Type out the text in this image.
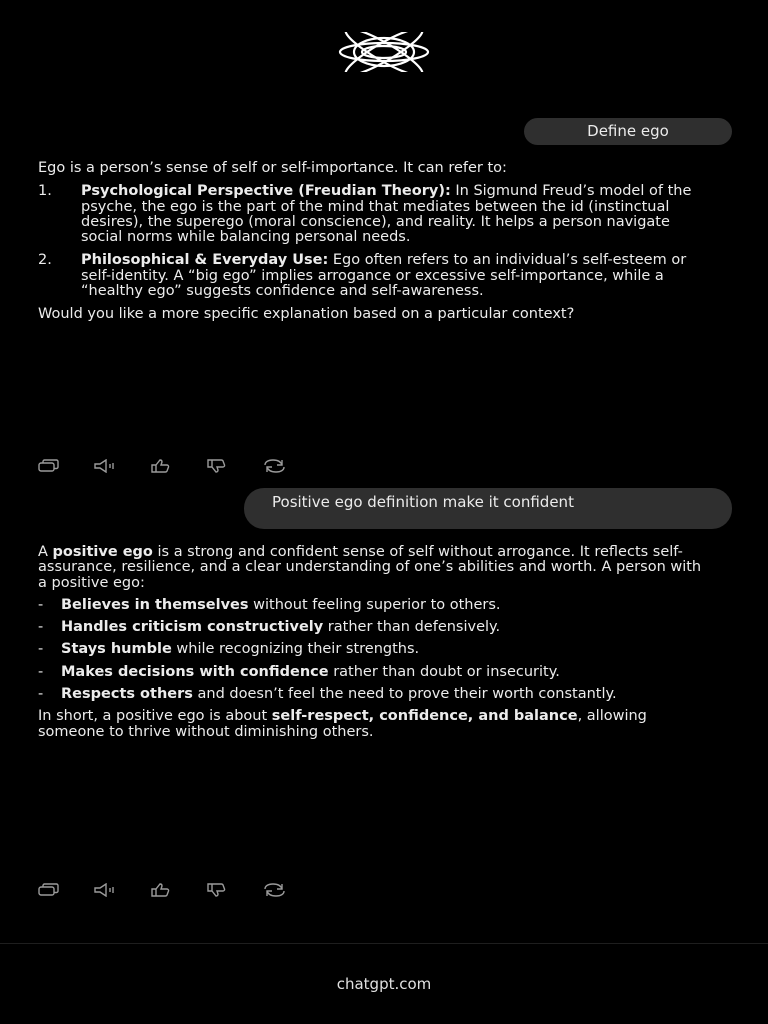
Define ego

Ego is a person’s sense of self or self-importance. It can refer to:

1. Psychological Perspective (Freudian Theory): In Sigmund Freud’s model of the psyche, the ego is the part of the mind that mediates between the id (instinctual desires), the superego (moral conscience), and reality. It helps a person navigate social norms while balancing personal needs.
2. Philosophical & Everyday Use: Ego often refers to an individual’s self-esteem or self-identity. A “big ego” implies arrogance or excessive self-importance, while a “healthy ego” suggests confidence and self-awareness.

Would you like a more specific explanation based on a particular context?

Positive ego definition make it confident

A positive ego is a strong and confident sense of self without arrogance. It reflects self-assurance, resilience, and a clear understanding of one’s abilities and worth. A person with a positive ego:

- Believes in themselves without feeling superior to others.
- Handles criticism constructively rather than defensively.
- Stays humble while recognizing their strengths.
- Makes decisions with confidence rather than doubt or insecurity.
- Respects others and doesn’t feel the need to prove their worth constantly.

In short, a positive ego is about self-respect, confidence, and balance, allowing someone to thrive without diminishing others.

chatgpt.com
